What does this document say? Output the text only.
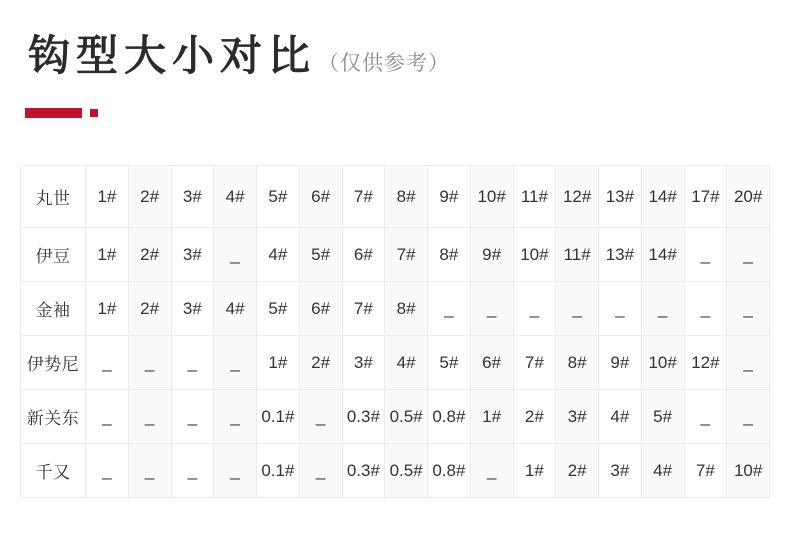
钩型大小对比（仅供参考）
丸世	1#	2#	3#	4#	5#	6#	7#	8#	9#	10#	11#	12#	13#	14#	17#	20#
伊豆	1#	2#	3#	_	4#	5#	6#	7#	8#	9#	10#	11#	13#	14#	_	_
金袖	1#	2#	3#	4#	5#	6#	7#	8#	_	_	_	_	_	_	_	_
伊势尼	_	_	_	_	1#	2#	3#	4#	5#	6#	7#	8#	9#	10#	12#	_
新关东	_	_	_	_	0.1#	_	0.3#	0.5#	0.8#	1#	2#	3#	4#	5#	_	_
千又	_	_	_	_	0.1#	_	0.3#	0.5#	0.8#	_	1#	2#	3#	4#	7#	10#
